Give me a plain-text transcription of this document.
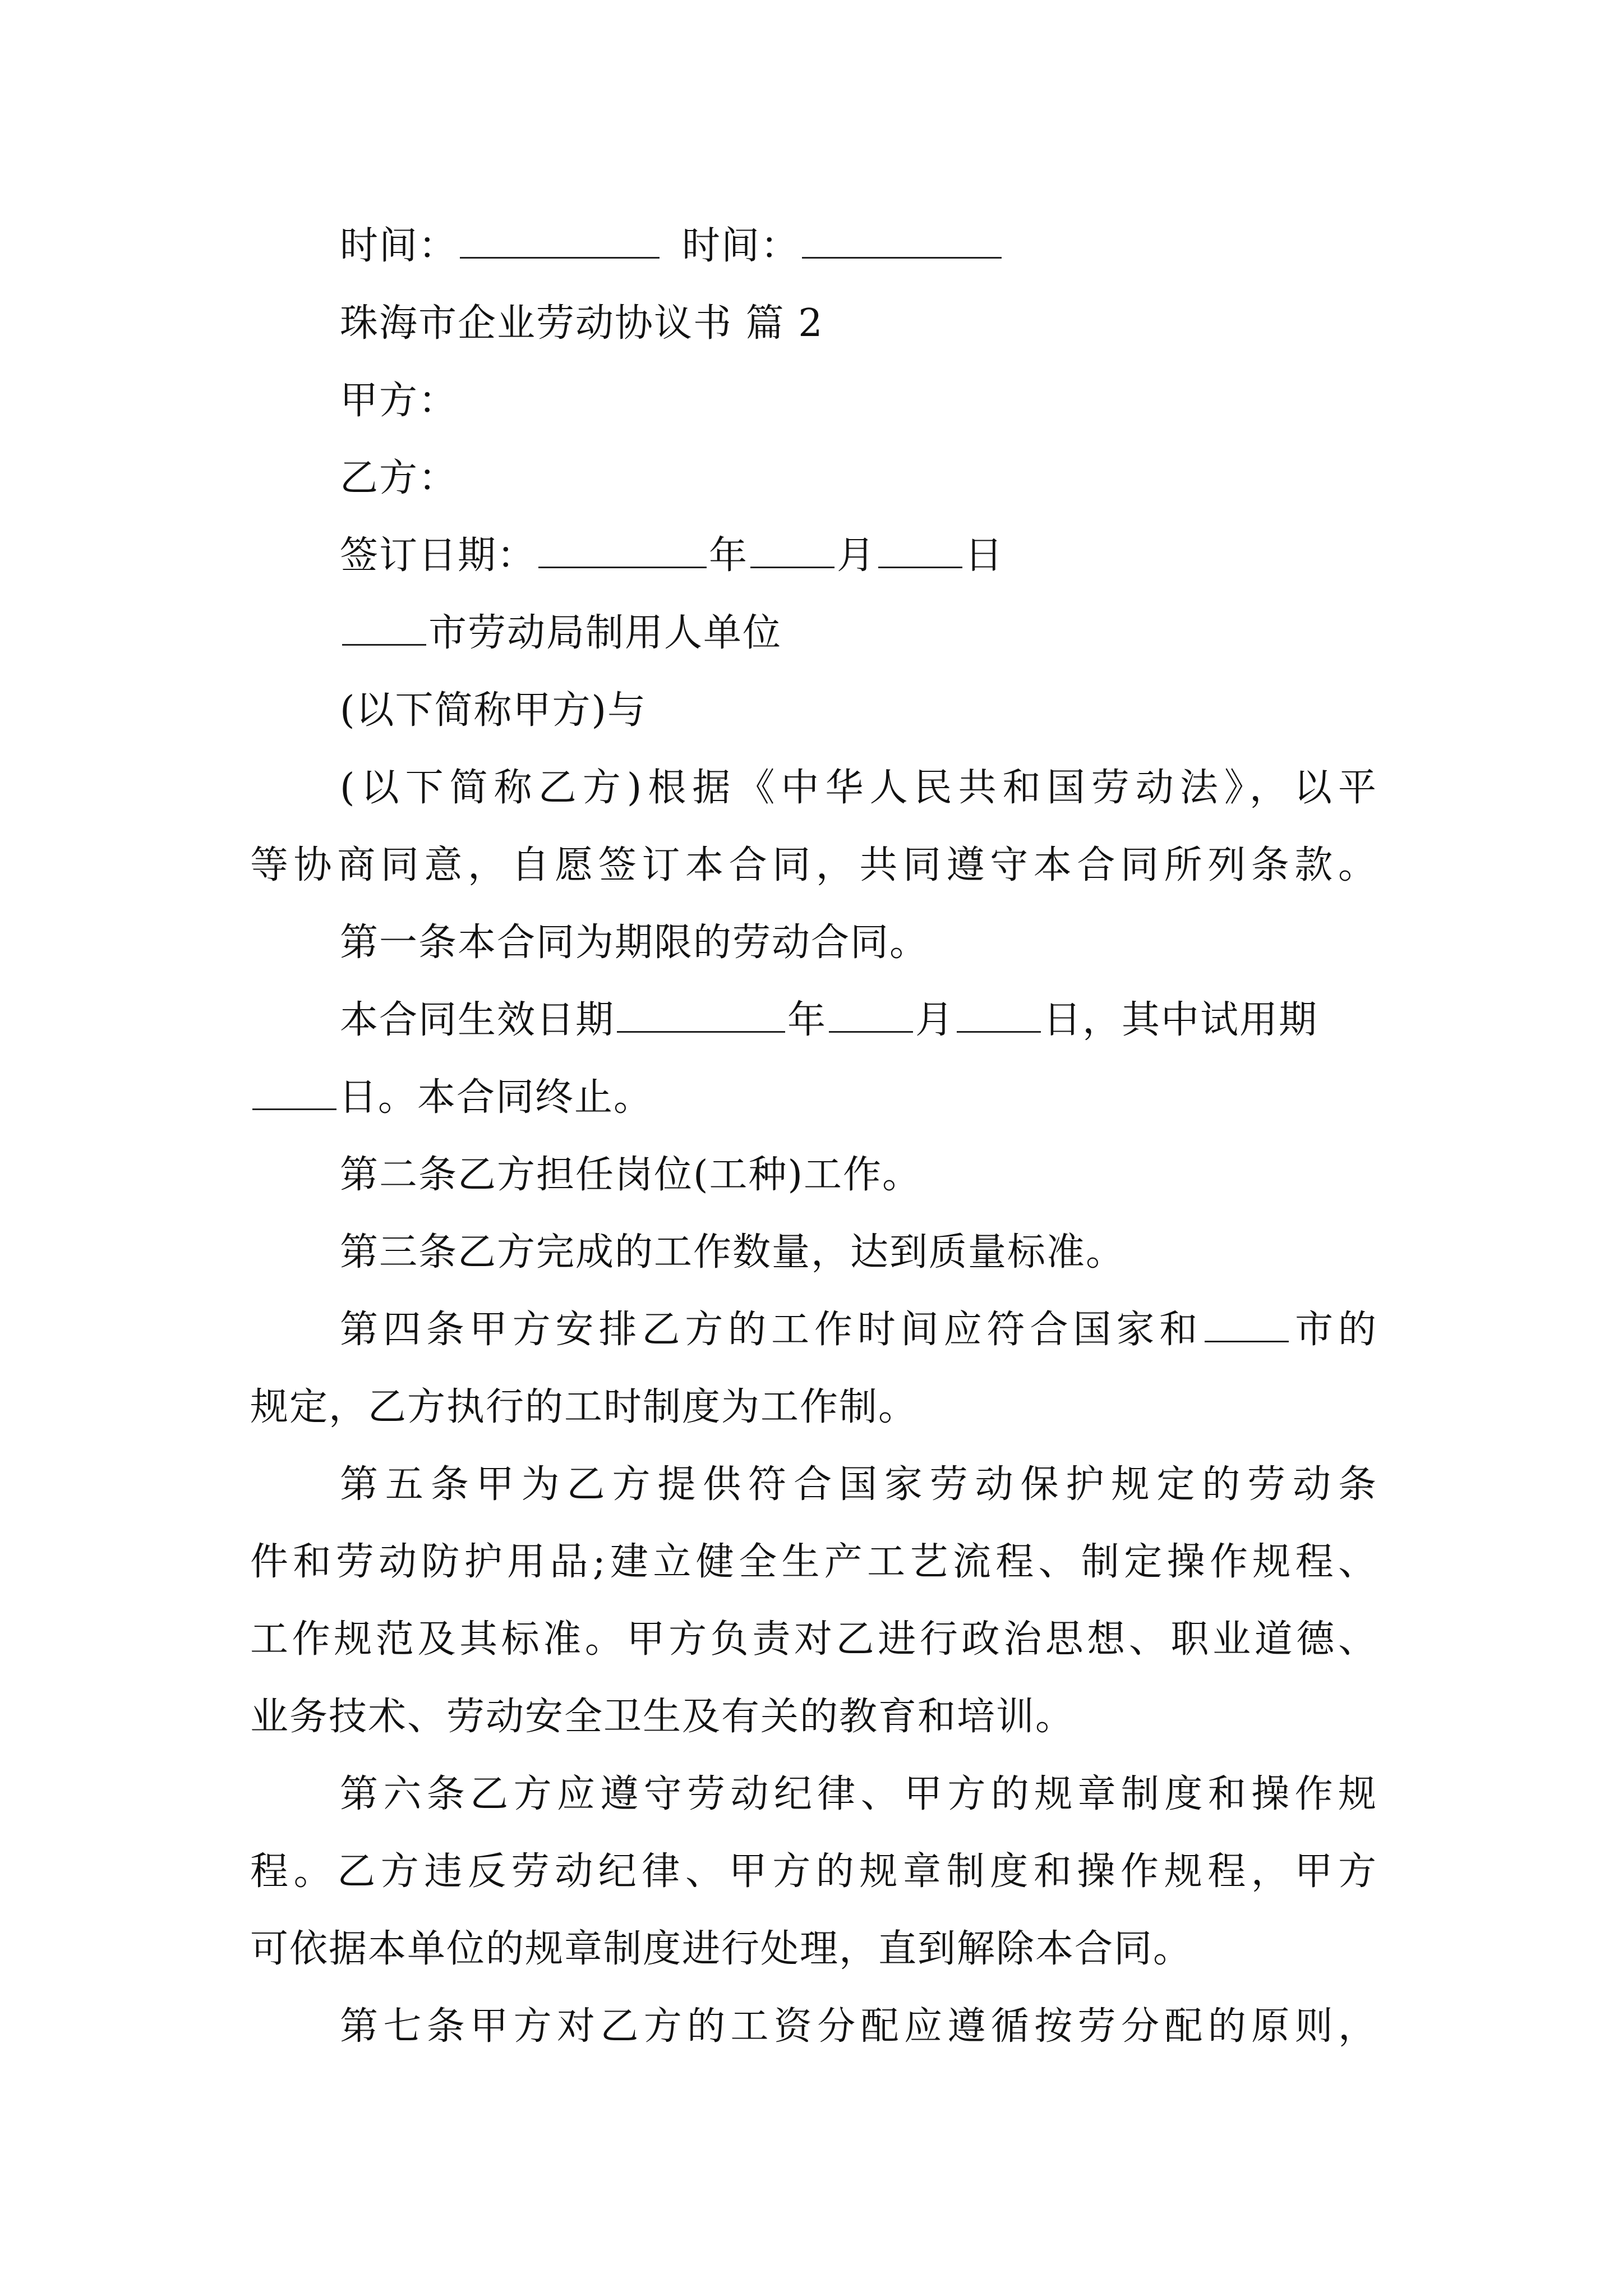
时间：	时间：
珠海市企业劳动协议书 篇 2
甲方：
乙方：
签订日期：	年 月 日
市劳动局制用人单位
(以下简称甲方)与
(以下简称乙方)根据《中华人民共和国劳动法》，以平
等协商同意，自愿签订本合同，共同遵守本合同所列条款。
第一条本合同为期限的劳动合同。
本合同生效日期	年 月 日，其中试用期
日。本合同终止。
第二条乙方担任岗位(工种)工作。
第三条乙方完成的工作数量，达到质量标准。
第四条甲方安排乙方的工作时间应符合国家和 市的
规定，乙方执行的工时制度为工作制。
第五条甲为乙方提供符合国家劳动保护规定的劳动条
件和劳动防护用品;建立健全生产工艺流程、制定操作规程、
工作规范及其标准。甲方负责对乙进行政治思想、职业道德、
业务技术、劳动安全卫生及有关的教育和培训。
第六条乙方应遵守劳动纪律、甲方的规章制度和操作规
程。乙方违反劳动纪律、甲方的规章制度和操作规程，甲方
可依据本单位的规章制度进行处理，直到解除本合同。
第七条甲方对乙方的工资分配应遵循按劳分配的原则，
